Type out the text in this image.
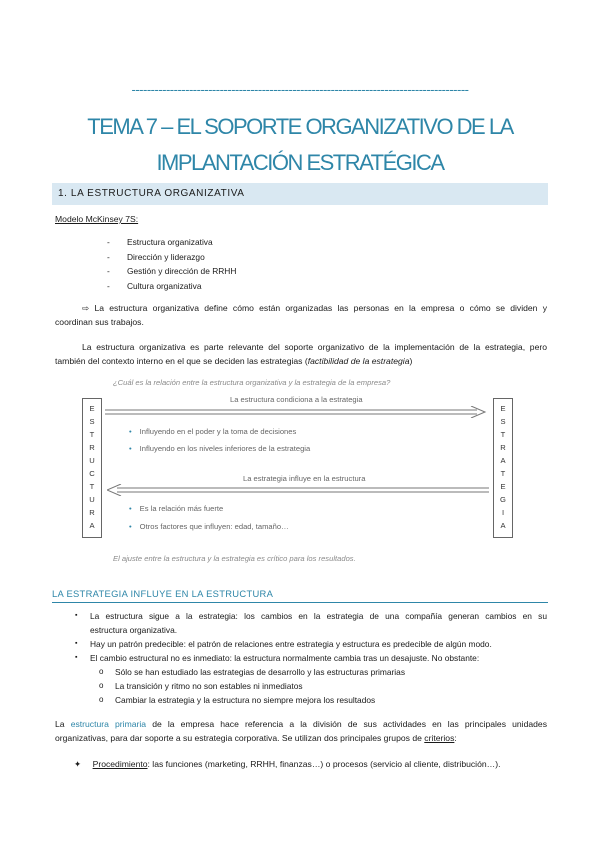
----------------------------------------------------------------------------------------
TEMA 7 – EL SOPORTE ORGANIZATIVO DE LA
IMPLANTACIÓN ESTRATÉGICA
1. LA ESTRUCTURA ORGANIZATIVA
Modelo McKinsey 7S:
-	Estructura organizativa
-	Dirección y liderazgo
-	Gestión y dirección de RRHH
-	Cultura organizativa
⇨ La estructura organizativa define cómo están organizadas las personas en la empresa o cómo se dividen y
coordinan sus trabajos.
La estructura organizativa es parte relevante del soporte organizativo de la implementación de la estrategia, pero
también del contexto interno en el que se deciden las estrategias (factibilidad de la estrategia)
¿Cuál es la relación entre la estructura organizativa y la estrategia de la empresa?
E
S
T
R
U
C
T
U
R
A
E
S
T
R
A
T
E
G
I
A
La estructura condiciona a la estrategia
• Influyendo en el poder y la toma de decisiones
• Influyendo en los niveles inferiores de la estrategia
La estrategia influye en la estructura
• Es la relación más fuerte
• Otros factores que influyen: edad, tamaño…
El ajuste entre la estructura y la estrategia es crítico para los resultados.
LA ESTRATEGIA INFLUYE EN LA ESTRUCTURA
▪ La estructura sigue a la estrategia: los cambios en la estrategia de una compañía generan cambios en su
estructura organizativa.
▪ Hay un patrón predecible: el patrón de relaciones entre estrategia y estructura es predecible de algún modo.
▪ El cambio estructural no es inmediato: la estructura normalmente cambia tras un desajuste. No obstante:
o Sólo se han estudiado las estrategias de desarrollo y las estructuras primarias
o La transición y ritmo no son estables ni inmediatos
o Cambiar la estrategia y la estructura no siempre mejora los resultados
La estructura primaria de la empresa hace referencia a la división de sus actividades en las principales unidades
organizativas, para dar soporte a su estrategia corporativa. Se utilizan dos principales grupos de criterios:
✦ Procedimiento: las funciones (marketing, RRHH, finanzas…) o procesos (servicio al cliente, distribución…).
